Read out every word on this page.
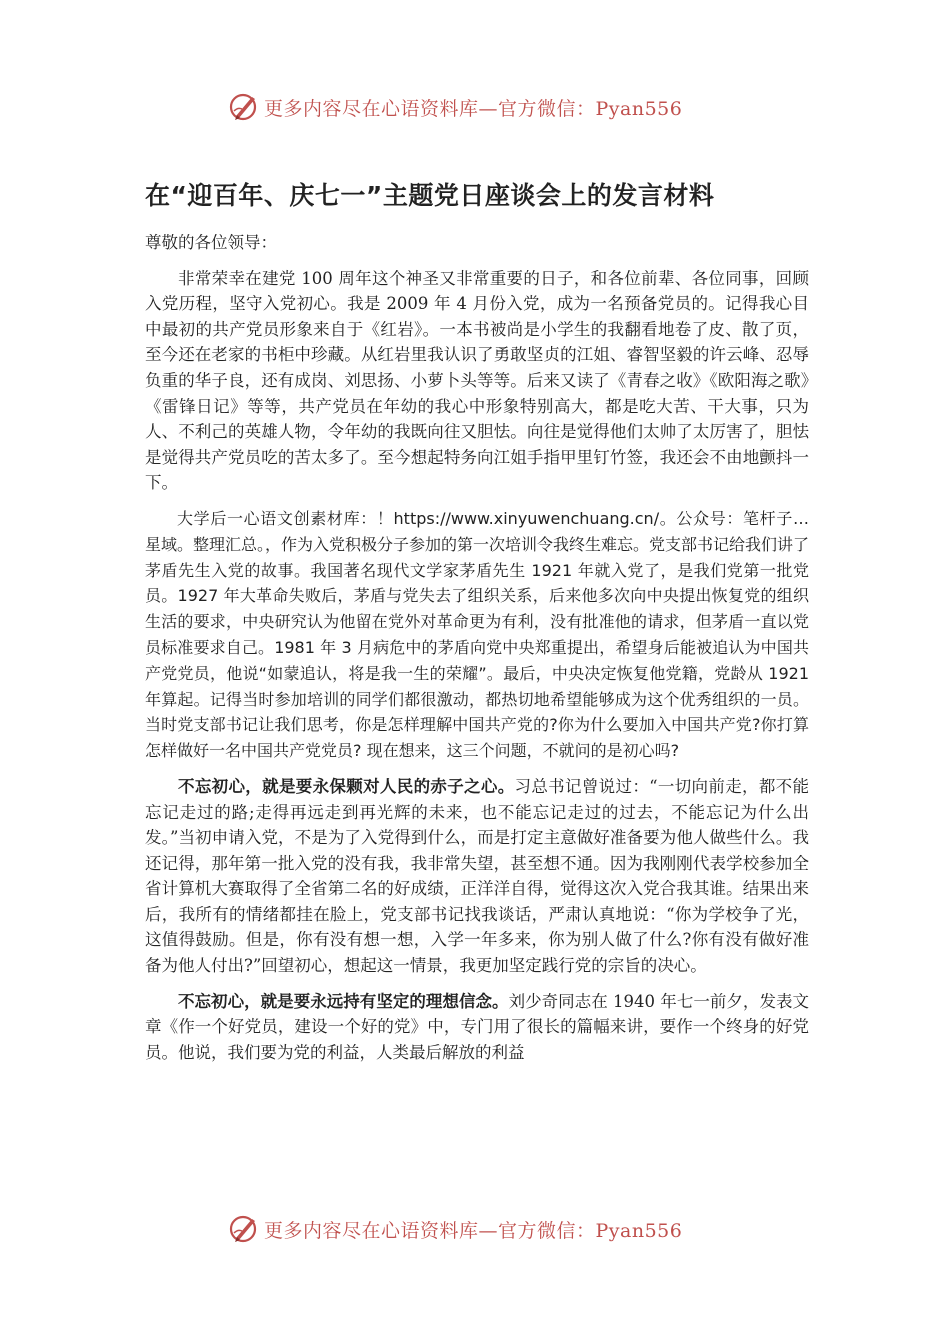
更多内容尽在心语资料库—官方微信：Pyan556
在“迎百年、庆七一”主题党日座谈会上的发言材料

尊敬的各位领导：

非常荣幸在建党 100 周年这个神圣又非常重要的日子，和各位前辈、各位同事，回顾入党历程，坚守入党初心。我是 2009 年 4 月份入党，成为一名预备党员的。记得我心目中最初的共产党员形象来自于《红岩》。一本书被尚是小学生的我翻看地卷了皮、散了页，至今还在老家的书柜中珍藏。从红岩里我认识了勇敢坚贞的江姐、睿智坚毅的许云峰、忍辱负重的华子良，还有成岗、刘思扬、小萝卜头等等。后来又读了《青春之收》《欧阳海之歌》《雷锋日记》等等，共产党员在年幼的我心中形象特别高大，都是吃大苦、干大事，只为人、不利己的英雄人物，令年幼的我既向往又胆怯。向往是觉得他们太帅了太厉害了，胆怯是觉得共产党员吃的苦太多了。至今想起特务向江姐手指甲里钉竹签，我还会不由地颤抖一下。

大学后一心语文创素材库：！https://www.xinyuwenchuang.cn/。公众号：笔杆子…星域。整理汇总。，作为入党积极分子参加的第一次培训令我终生难忘。党支部书记给我们讲了茅盾先生入党的故事。我国著名现代文学家茅盾先生 1921 年就入党了，是我们党第一批党员。1927 年大革命失败后，茅盾与党失去了组织关系，后来他多次向中央提出恢复党的组织生活的要求，中央研究认为他留在党外对革命更为有利，没有批准他的请求，但茅盾一直以党员标准要求自己。1981 年 3 月病危中的茅盾向党中央郑重提出，希望身后能被追认为中国共产党党员，他说“如蒙追认，将是我一生的荣耀”。最后，中央决定恢复他党籍，党龄从 1921 年算起。记得当时参加培训的同学们都很激动，都热切地希望能够成为这个优秀组织的一员。当时党支部书记让我们思考，你是怎样理解中国共产党的?你为什么要加入中国共产党?你打算怎样做好一名中国共产党党员? 现在想来，这三个问题，不就问的是初心吗?

不忘初心，就是要永保颗对人民的赤子之心。习总书记曾说过：“一切向前走，都不能忘记走过的路;走得再远走到再光辉的未来，也不能忘记走过的过去，不能忘记为什么出发。”当初申请入党，不是为了入党得到什么，而是打定主意做好准备要为他人做些什么。我还记得，那年第一批入党的没有我，我非常失望，甚至想不通。因为我刚刚代表学校参加全省计算机大赛取得了全省第二名的好成绩，正洋洋自得，觉得这次入党合我其谁。结果出来后，我所有的情绪都挂在脸上，党支部书记找我谈话，严肃认真地说：“你为学校争了光，这值得鼓励。但是，你有没有想一想，入学一年多来，你为别人做了什么?你有没有做好准备为他人付出?”回望初心，想起这一情景，我更加坚定践行党的宗旨的决心。

不忘初心，就是要永远持有坚定的理想信念。刘少奇同志在 1940 年七一前夕，发表文章《作一个好党员，建设一个好的党》中，专门用了很长的篇幅来讲，要作一个终身的好党员。他说，我们要为党的利益，人类最后解放的利益

更多内容尽在心语资料库—官方微信：Pyan556
